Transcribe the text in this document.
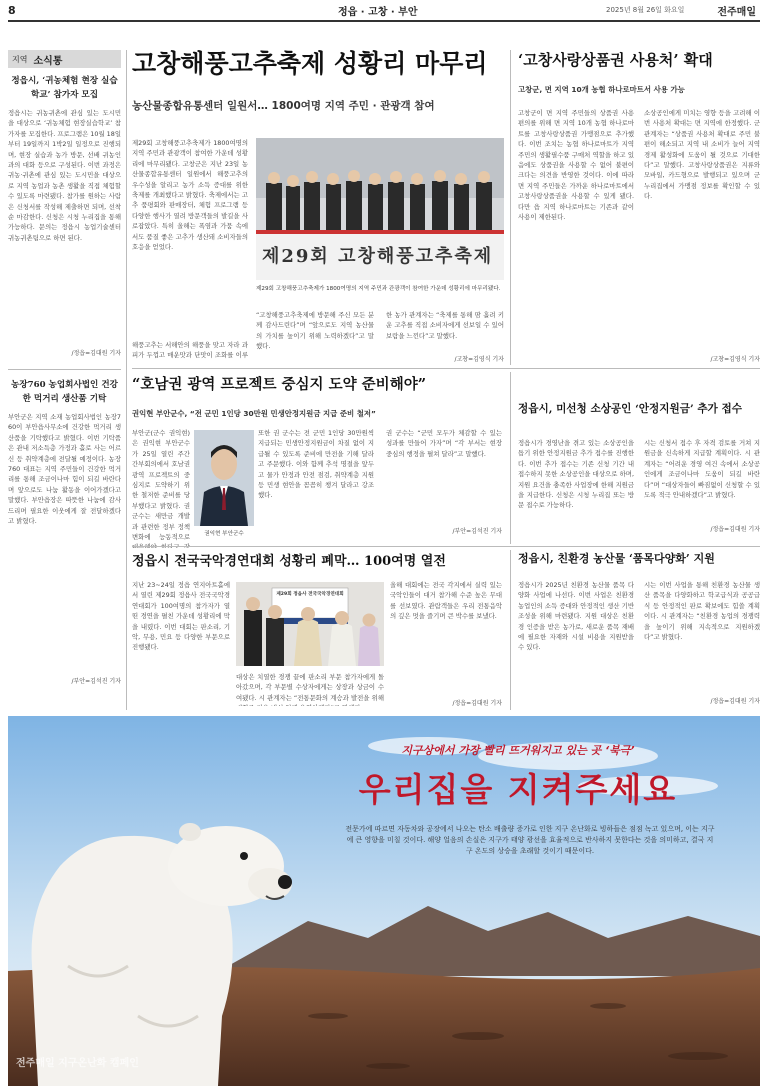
8	정읍 · 고창 · 부안	2025년 8월 26일 화요일	전주매일
지역 소식통
정읍시, ‘귀농체험 현장 실습학교’ 참가자 모집
정읍시는 귀농귀촌에 관심 있는 도시민을 대상으로 ‘귀농체험 현장실습학교’ 참가자를 모집한다. 프로그램은 10월 18일부터 19일까지 1박2일 일정으로 진행되며, 현장 실습과 농가 방문, 선배 귀농인과의 대화 등으로 구성된다. 이번 과정은 귀농·귀촌에 관심 있는 도시민을 대상으로 지역 농업과 농촌 생활을 직접 체험할 수 있도록 마련됐다. 참가를 원하는 사람은 신청서를 작성해 제출하면 되며, 선착순 마감한다. 신청은 시청 누리집을 통해 가능하다. 문의는 정읍시 농업기술센터 귀농귀촌팀으로 하면 된다.
/정읍=김대원 기자
농장760 농업회사법인 건강한 먹거리 생산품 기탁
부안군은 지역 소재 농업회사법인 농장760이 부안읍사무소에 건강한 먹거리 생산품을 기탁했다고 밝혔다. 이번 기탁품은 관내 저소득층 가정과 홀로 사는 어르신 등 취약계층에 전달될 예정이다. 농장760 대표는 지역 주민들이 건강한 먹거리를 통해 조금이나마 힘이 되길 바란다며 앞으로도 나눔 활동을 이어가겠다고 말했다. 부안읍장은 따뜻한 나눔에 감사드리며 필요한 이웃에게 잘 전달하겠다고 밝혔다.
/부안=김석진 기자
고창해풍고추축제 성황리 마무리
농산물종합유통센터 일원서… 1800여명 지역 주민 · 관광객 참여
제29회 고창해풍고추축제가 1800여명의 지역 주민과 관광객이 참여한 가운데 성황리에 마무리됐다. 고창군은 지난 23일 농산물종합유통센터 일원에서 해풍고추의 우수성을 알리고 농가 소득 증대를 위한 축제를 개최했다고 밝혔다. 축제에서는 고추 품평회와 판매장터, 체험 프로그램 등 다양한 행사가 열려 방문객들의 발길을 사로잡았다. 특히 올해는 폭염과 가뭄 속에서도 품질 좋은 고추가 생산돼 소비자들의 호응을 얻었다.
해풍고추는 서해안의 해풍을 맞고 자라 과피가 두껍고 매운맛과 단맛이 조화를 이루
제29회 고창해풍고추축제
제29회 고창해풍고추축제가 1800여명의 지역 주민과 관광객이 참여한 가운데 성황리에 마무리됐다.
“고창해풍고추축제에 방문해 주신 모든 분께 감사드린다”며 “앞으로도 지역 농산물의 가치를 높이기 위해 노력하겠다”고 말했다.
한 농가 관계자는 “축제를 통해 땀 흘려 키운 고추를 직접 소비자에게 선보일 수 있어 보람을 느낀다”고 말했다.
/고창=김영식 기자
‘고창사랑상품권 사용처’ 확대
고창군, 면 지역 10개 농협 하나로마트서 사용 가능
고창군이 면 지역 주민들의 상품권 사용 편의를 위해 면 지역 10개 농협 하나로마트를 고창사랑상품권 가맹점으로 추가했다. 이번 조치는 농협 하나로마트가 지역 주민의 생활필수품 구매처 역할을 하고 있음에도 상품권을 사용할 수 없어 불편이 크다는 의견을 반영한 것이다. 이에 따라 면 지역 주민들은 가까운 하나로마트에서 고창사랑상품권을 사용할 수 있게 됐다. 다만 읍 지역 하나로마트는 기존과 같이 사용이 제한된다.
소상공인에게 미치는 영향 등을 고려해 이번 사용처 확대는 면 지역에 한정했다. 군 관계자는 “상품권 사용처 확대로 주민 불편이 해소되고 지역 내 소비가 늘어 지역경제 활성화에 도움이 될 것으로 기대한다”고 말했다. 고창사랑상품권은 지류와 모바일, 카드형으로 발행되고 있으며 군 누리집에서 가맹점 정보를 확인할 수 있다.
/고창=김영식 기자
“호남권 광역 프로젝트 중심지 도약 준비해야”
권익현 부안군수, “전 군민 1인당 30만원 민생안정지원금 지급 준비 철저”
부안군(군수 권익현)은 권익현 부안군수가 25일 열린 주간 간부회의에서 호남권 광역 프로젝트의 중심지로 도약하기 위한 철저한 준비를 당부했다고 밝혔다. 권 군수는 새만금 개발과 관련한 정부 정책 변화에 능동적으로	권익현 부안군수
또한 권 군수는 전 군민 1인당 30만원씩 지급되는 민생안정지원금이 차질 없이 지급될 수 있도록 준비에 만전을 기해 달라고 주문했다. 이와 함께 추석 명절을 앞두고 물가 안정과 안전 점검, 취약계층 지원 등 민생 현안을 꼼꼼히 챙겨 달라고 강조했다.
권 군수는 “군민 모두가 체감할 수 있는 성과를 만들어 가자”며 “각 부서는 현장 중심의 행정을 펼쳐 달라”고 말했다.
/부안=김석진 기자
정읍시, 미선청 소상공인 ‘안정지원금’ 추가 접수
정읍시가 경영난을 겪고 있는 소상공인을 돕기 위한 안정지원금 추가 접수를 진행한다. 이번 추가 접수는 기존 신청 기간 내 접수하지 못한 소상공인을 대상으로 하며, 지원 요건을 충족한 사업장에 한해 지원금을 지급한다. 신청은 시청 누리집 또는 방문 접수로 가능하다.
시는 신청서 접수 후 자격 검토를 거쳐 지원금을 신속하게 지급할 계획이다. 시 관계자는 “어려운 경영 여건 속에서 소상공인에게 조금이나마 도움이 되길 바란다”며 “대상자들이 빠짐없이 신청할 수 있도록 적극 안내하겠다”고 밝혔다.
/정읍=김대원 기자
정읍시 전국국악경연대회 성황리 폐막… 100여명 열전
지난 23~24일 정읍 연지아트홀에서 열린 제29회 정읍사 전국국악경연대회가 100여명의 참가자가 열띤 경연을 펼친 가운데 성황리에 막을 내렸다. 이번 대회는 판소리, 기악, 무용, 민요 등 다양한 부문으로 진행됐다.
제29회 정읍사 전국국악경연대회
대상은 치열한 경쟁 끝에 판소리 부문 참가자에게 돌아갔으며, 각 부문별 수상자에게는 상장과 상금이 수여됐다. 시 관계자는 “전통문화의 계승과 발전을 위해
올해 대회에는 전국 각지에서 실력 있는 국악인들이 대거 참가해 수준 높은 무대를 선보였다. 관람객들은 우리 전통음악의 깊은 멋을 즐기며 큰 박수를 보냈다.
/정읍=김대원 기자
정읍시, 친환경 농산물 ‘품목다양화’ 지원
정읍시가 2025년 친환경 농산물 품목 다양화 사업에 나선다. 이번 사업은 친환경 농업인의 소득 증대와 안정적인 생산 기반 조성을 위해 마련됐다. 지원 대상은 친환경 인증을 받은 농가로, 새로운 품목 재배에 필요한 자재와 시설 비용을 지원받을 수 있다.
시는 이번 사업을 통해 친환경 농산물 생산 품목을 다양화하고 학교급식과 공공급식 등 안정적인 판로 확보에도 힘쓸 계획이다. 시 관계자는 “친환경 농업의 경쟁력을 높이기 위해 지속적으로 지원하겠다”고 밝혔다.
/정읍=김대원 기자
지구상에서 가장 빨리 뜨거워지고 있는 곳 ‘북극’
우리집을 지켜주세요
전문가에 따르면 자동차와 공장에서 나오는 탄소 배출량 증가로 인한 지구 온난화로 빙하들은 점점 녹고 있으며, 이는 지구에 큰 영향을 미칠 것이다. 해양 얼음의 손실은 지구가 태양 광선을 효율적으로 반사하지 못한다는 것을 의미하고, 결국 지구 온도의 상승을 초래할 것이기 때문이다.
전주매일 지구온난화 캠페인
